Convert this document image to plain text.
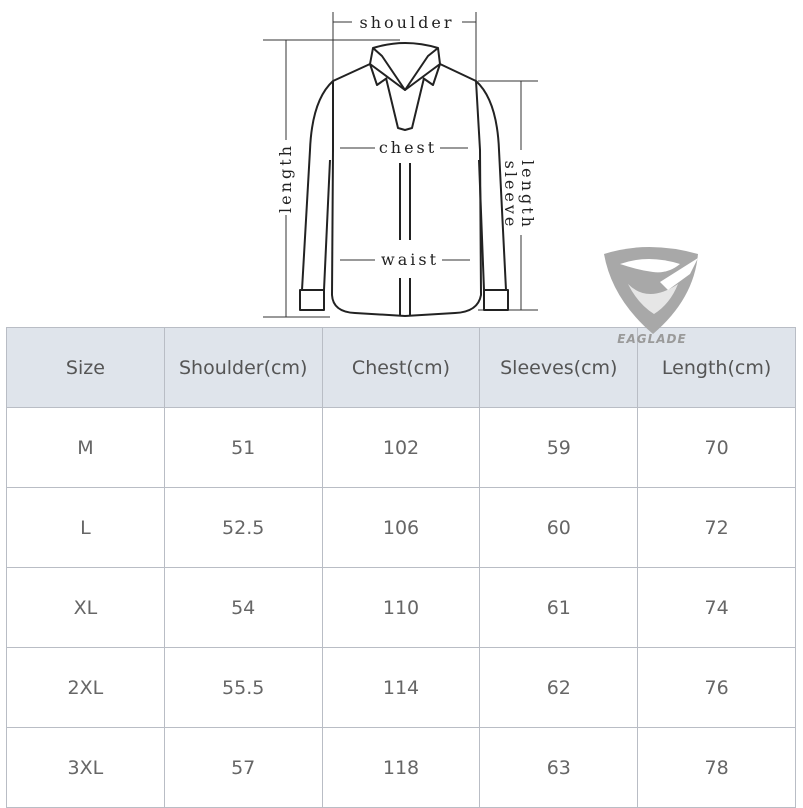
shoulder
chest
waist
length	sleeve
length
Size	Shoulder(cm)	Chest(cm)	Sleeves(cm)	Length(cm)
M	51	102	59	70
L	52.5	106	60	72
XL	54	110	61	74
2XL	55.5	114	62	76
3XL	57	118	63	78
EAGLADE
